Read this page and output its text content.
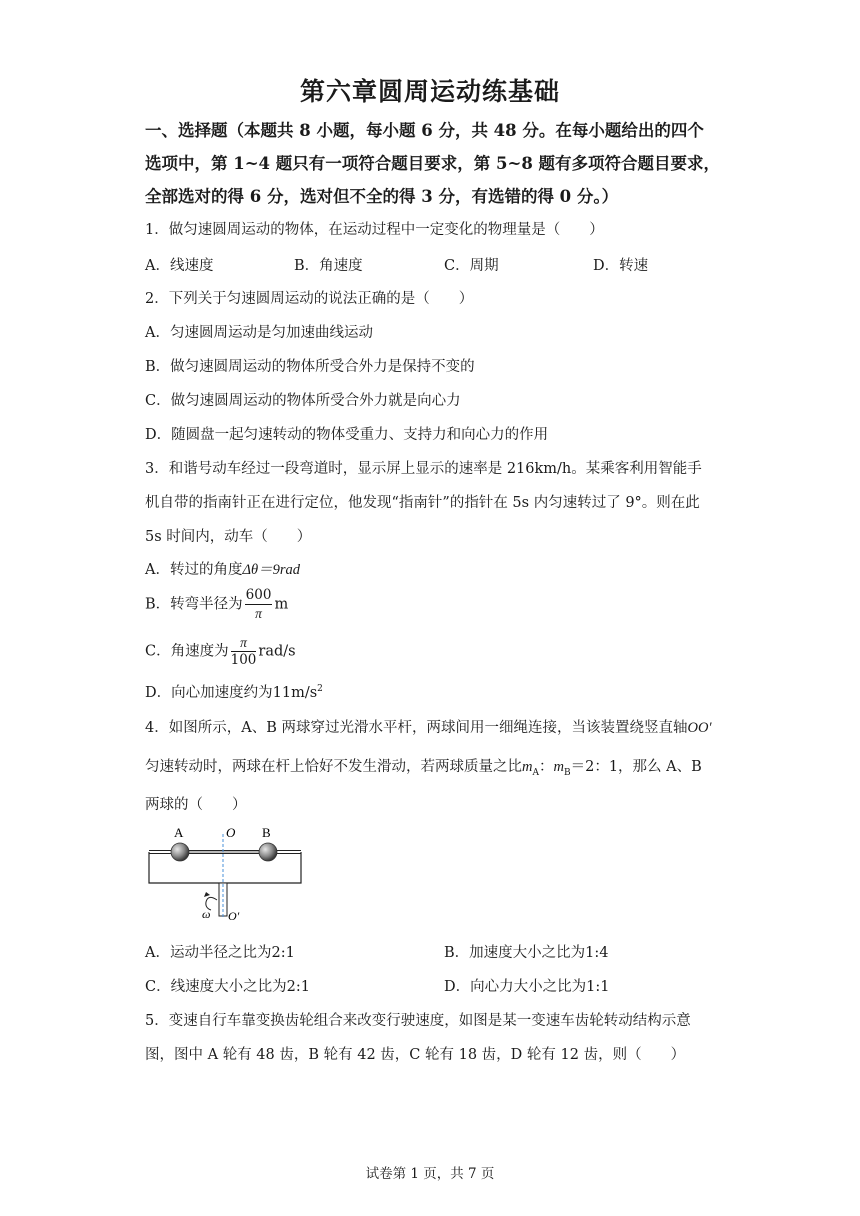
第六章圆周运动练基础
一、选择题（本题共 8 小题，每小题 6 分，共 48 分。在每小题给出的四个
选项中，第 1~4 题只有一项符合题目要求，第 5~8 题有多项符合题目要求，
全部选对的得 6 分，选对但不全的得 3 分，有选错的得 0 分。）
1．做匀速圆周运动的物体，在运动过程中一定变化的物理量是（　　）
A．线速度	B．角速度	C．周期	D．转速
2．下列关于匀速圆周运动的说法正确的是（　　）
A．匀速圆周运动是匀加速曲线运动
B．做匀速圆周运动的物体所受合外力是保持不变的
C．做匀速圆周运动的物体所受合外力就是向心力
D．随圆盘一起匀速转动的物体受重力、支持力和向心力的作用
3．和谐号动车经过一段弯道时，显示屏上显示的速率是 216km/h。某乘客利用智能手
机自带的指南针正在进行定位，他发现“指南针”的指针在 5s 内匀速转过了 9°。则在此
5s 时间内，动车（　　）
A．转过的角度Δθ＝9rad
B．转弯半径为 $\frac{600}{\pi}$ m
C．角速度为 $\frac{\pi}{100} rad/s$
D．向心加速度约为$11m/s^2$
4．如图所示，A、B 两球穿过光滑水平杆，两球间用一细绳连接，当该装置绕竖直轴OO′
匀速转动时，两球在杆上恰好不发生滑动，若两球质量之比$m_A$：$m_B=2$：1，那么 A、B
两球的（　　）
A	O B
ω O′
A．运动半径之比为2:1	B．加速度大小之比为1:4
C．线速度大小之比为2:1	D．向心力大小之比为1:1
5．变速自行车靠变换齿轮组合来改变行驶速度，如图是某一变速车齿轮转动结构示意
图，图中 A 轮有 48 齿，B 轮有 42 齿，C 轮有 18 齿，D 轮有 12 齿，则（　　）
试卷第 1 页，共 7 页
